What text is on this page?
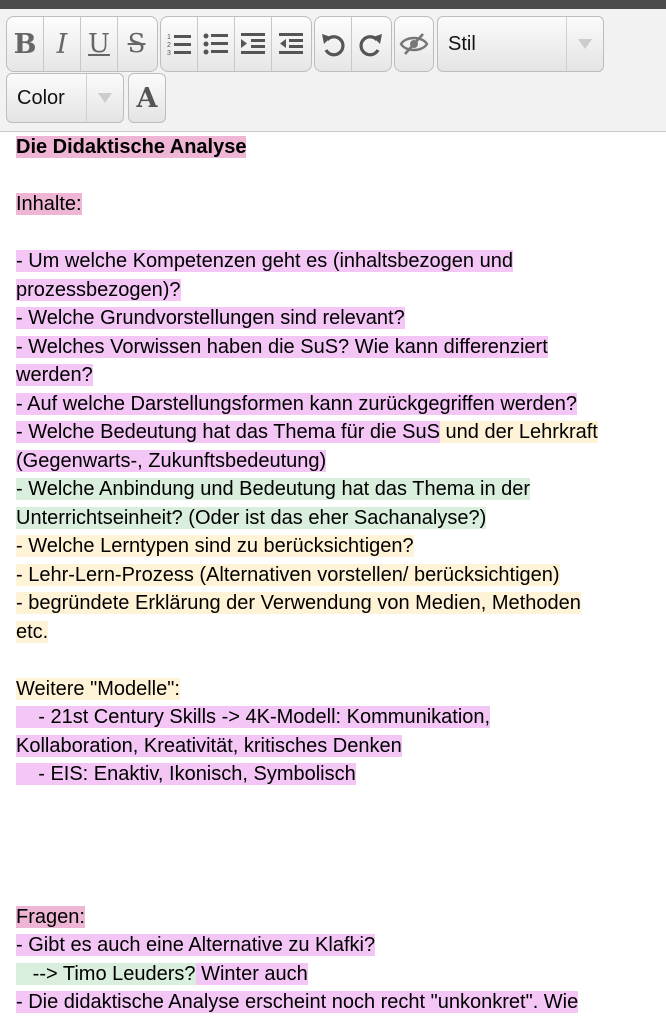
B I U S	1
2
3	Stil
Color	A
Die Didaktische Analyse
Inhalte:
- Um welche Kompetenzen geht es (inhaltsbezogen und
prozessbezogen)?
- Welche Grundvorstellungen sind relevant?
- Welches Vorwissen haben die SuS? Wie kann differenziert
werden?
- Auf welche Darstellungsformen kann zurückgegriffen werden?
- Welche Bedeutung hat das Thema für die SuS und der Lehrkraft
(Gegenwarts-, Zukunftsbedeutung)
- Welche Anbindung und Bedeutung hat das Thema in der
Unterrichtseinheit? (Oder ist das eher Sachanalyse?)
- Welche Lerntypen sind zu berücksichtigen?
- Lehr-Lern-Prozess (Alternativen vorstellen/ berücksichtigen)
- begründete Erklärung der Verwendung von Medien, Methoden
etc.
Weitere "Modelle":
- 21st Century Skills -> 4K-Modell: Kommunikation,
Kollaboration, Kreativität, kritisches Denken
- EIS: Enaktiv, Ikonisch, Symbolisch
Fragen:
- Gibt es auch eine Alternative zu Klafki?
--> Timo Leuders? Winter auch
- Die didaktische Analyse erscheint noch recht "unkonkret". Wie
